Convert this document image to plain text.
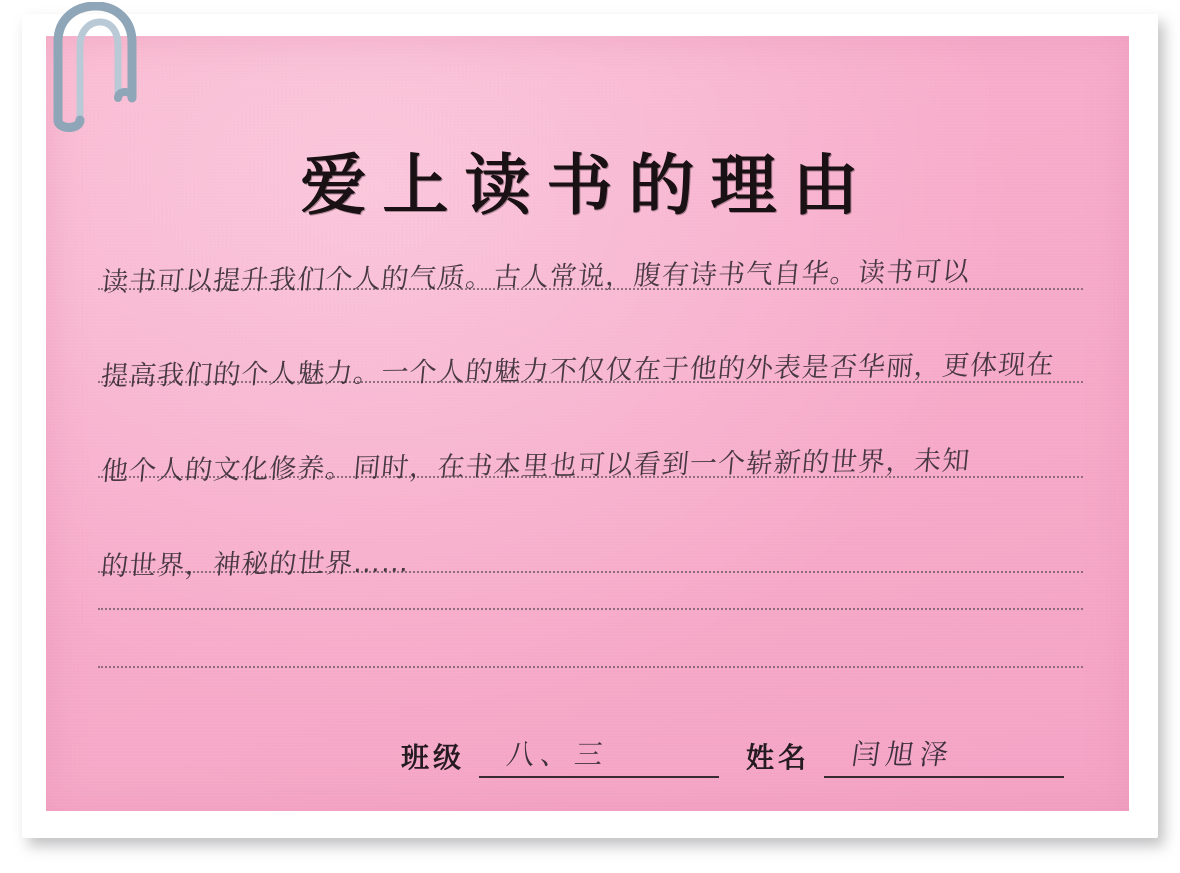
爱上读书的理由
读书可以提升我们个人的气质。古人常说，腹有诗书气自华。读书可以
提高我们的个人魅力。一个人的魅力不仅仅在于他的外表是否华丽，更体现在
他个人的文化修养。同时，在书本里也可以看到一个崭新的世界，未知
的世界，神秘的世界……
班级 八、三	姓名 闫旭泽
